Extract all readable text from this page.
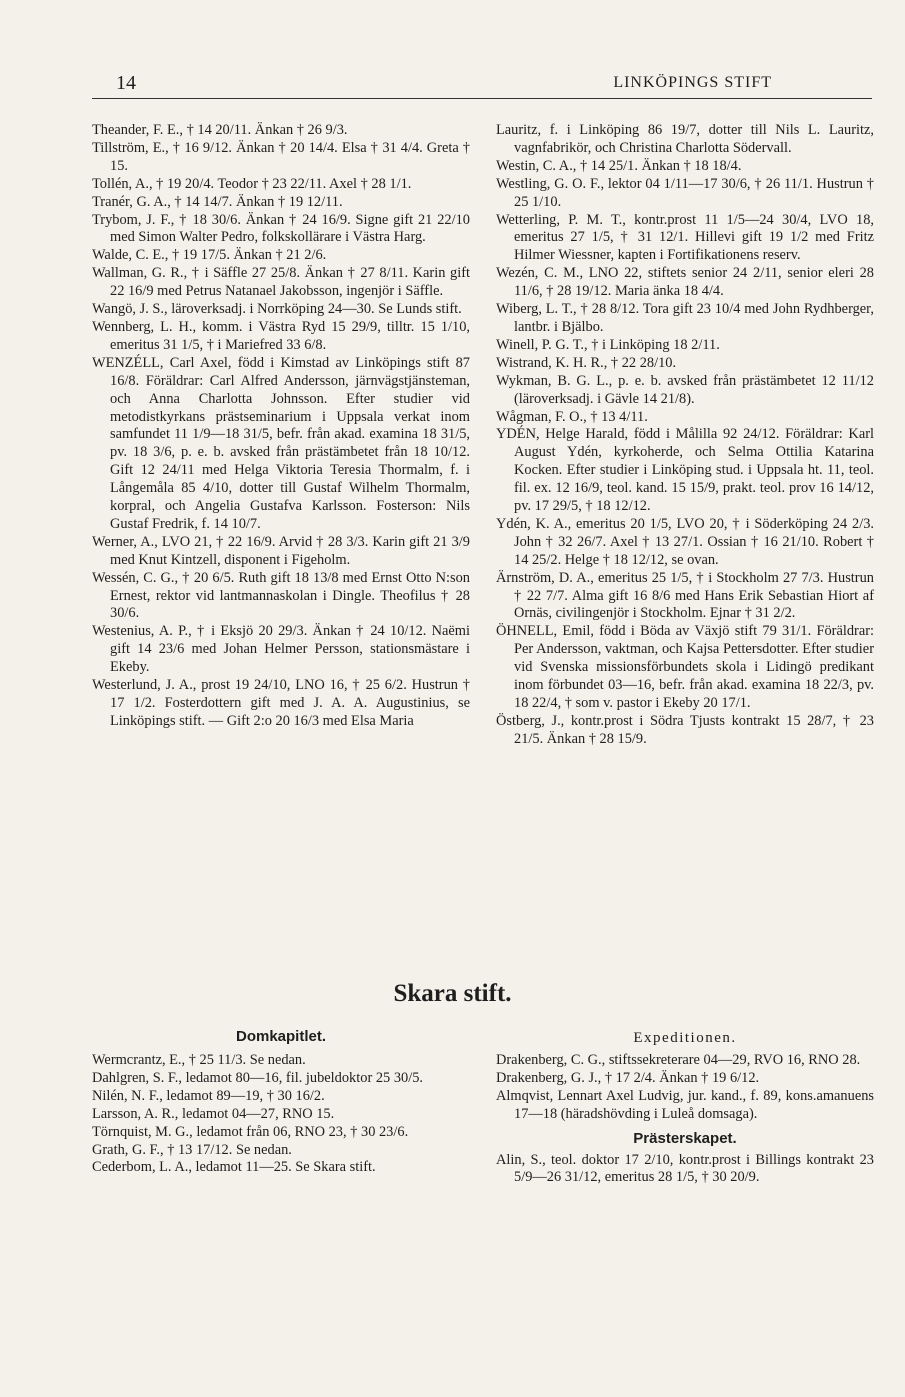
14	LINKÖPINGS STIFT

Theander, F. E., † 14 20/11. Änkan † 26 9/3.

Tillström, E., † 16 9/12. Änkan † 20 14/4. Elsa † 31 4/4. Greta † 15.

Tollén, A., † 19 20/4. Teodor † 23 22/11. Axel † 28 1/1.

Tranér, G. A., † 14 14/7. Änkan † 19 12/11.

Trybom, J. F., † 18 30/6. Änkan † 24 16/9. Signe gift 21 22/10 med Simon Walter Pedro, folkskollärare i Västra Harg.

Walde, C. E., † 19 17/5. Änkan † 21 2/6.

Wallman, G. R., † i Säffle 27 25/8. Änkan † 27 8/11. Karin gift 22 16/9 med Petrus Natanael Jakobsson, ingenjör i Säffle.

Wangö, J. S., läroverksadj. i Norrköping 24—30. Se Lunds stift.

Wennberg, L. H., komm. i Västra Ryd 15 29/9, tilltr. 15 1/10, emeritus 31 1/5, † i Mariefred 33 6/8.

WENZÉLL, Carl Axel, född i Kimstad av Linköpings stift 87 16/8. Föräldrar: Carl Alfred Andersson, järnvägstjänsteman, och Anna Charlotta Johnsson. Efter studier vid metodistkyrkans prästseminarium i Uppsala verkat inom samfundet 11 1/9—18 31/5, befr. från akad. examina 18 31/5, pv. 18 3/6, p. e. b. avsked från prästämbetet från 18 10/12. Gift 12 24/11 med Helga Viktoria Teresia Thormalm, f. i Långemåla 85 4/10, dotter till Gustaf Wilhelm Thormalm, korpral, och Angelia Gustafva Karlsson. Fosterson: Nils Gustaf Fredrik, f. 14 10/7.

Werner, A., LVO 21, † 22 16/9. Arvid † 28 3/3. Karin gift 21 3/9 med Knut Kintzell, disponent i Figeholm.

Wessén, C. G., † 20 6/5. Ruth gift 18 13/8 med Ernst Otto N:son Ernest, rektor vid lantmannaskolan i Dingle. Theofilus † 28 30/6.

Westenius, A. P., † i Eksjö 20 29/3. Änkan † 24 10/12. Naëmi gift 14 23/6 med Johan Helmer Persson, stationsmästare i Ekeby.

Westerlund, J. A., prost 19 24/10, LNO 16, † 25 6/2. Hustrun † 17 1/2. Fosterdottern gift med J. A. A. Augustinius, se Linköpings stift. — Gift 2:o 20 16/3 med Elsa Maria

Lauritz, f. i Linköping 86 19/7, dotter till Nils L. Lauritz, vagnfabrikör, och Christina Charlotta Södervall.

Westin, C. A., † 14 25/1. Änkan † 18 18/4.

Westling, G. O. F., lektor 04 1/11—17 30/6, † 26 11/1. Hustrun † 25 1/10.

Wetterling, P. M. T., kontr.prost 11 1/5—24 30/4, LVO 18, emeritus 27 1/5, † 31 12/1. Hillevi gift 19 1/2 med Fritz Hilmer Wiessner, kapten i Fortifikationens reserv.

Wezén, C. M., LNO 22, stiftets senior 24 2/11, senior eleri 28 11/6, † 28 19/12. Maria änka 18 4/4.

Wiberg, L. T., † 28 8/12. Tora gift 23 10/4 med John Rydhberger, lantbr. i Bjälbo.

Winell, P. G. T., † i Linköping 18 2/11.

Wistrand, K. H. R., † 22 28/10.

Wykman, B. G. L., p. e. b. avsked från prästämbetet 12 11/12 (läroverksadj. i Gävle 14 21/8).

Wågman, F. O., † 13 4/11.

YDÉN, Helge Harald, född i Målilla 92 24/12. Föräldrar: Karl August Ydén, kyrkoherde, och Selma Ottilia Katarina Kocken. Efter studier i Linköping stud. i Uppsala ht. 11, teol. fil. ex. 12 16/9, teol. kand. 15 15/9, prakt. teol. prov 16 14/12, pv. 17 29/5, † 18 12/12.

Ydén, K. A., emeritus 20 1/5, LVO 20, † i Söderköping 24 2/3. John † 32 26/7. Axel † 13 27/1. Ossian † 16 21/10. Robert † 14 25/2. Helge † 18 12/12, se ovan.

Ärnström, D. A., emeritus 25 1/5, † i Stockholm 27 7/3. Hustrun † 22 7/7. Alma gift 16 8/6 med Hans Erik Sebastian Hiort af Ornäs, civilingenjör i Stockholm. Ejnar † 31 2/2.

ÖHNELL, Emil, född i Böda av Växjö stift 79 31/1. Föräldrar: Per Andersson, vaktman, och Kajsa Pettersdotter. Efter studier vid Svenska missionsförbundets skola i Lidingö predikant inom förbundet 03—16, befr. från akad. examina 18 22/3, pv. 18 22/4, † som v. pastor i Ekeby 20 17/1.

Östberg, J., kontr.prost i Södra Tjusts kontrakt 15 28/7, † 23 21/5. Änkan † 28 15/9.

Skara stift.
Domkapitlet.	Expeditionen.

Wermcrantz, E., † 25 11/3. Se nedan.

Dahlgren, S. F., ledamot 80—16, fil. jubeldoktor 25 30/5.

Nilén, N. F., ledamot 89—19, † 30 16/2.

Larsson, A. R., ledamot 04—27, RNO 15.

Törnquist, M. G., ledamot från 06, RNO 23, † 30 23/6.

Grath, G. F., † 13 17/12. Se nedan.

Cederbom, L. A., ledamot 11—25. Se Skara stift.

Drakenberg, C. G., stiftssekreterare 04—29, RVO 16, RNO 28.

Drakenberg, G. J., † 17 2/4. Änkan † 19 6/12.

Almqvist, Lennart Axel Ludvig, jur. kand., f. 89, kons.amanuens 17—18 (häradshövding i Luleå domsaga).

Prästerskapet.

Alin, S., teol. doktor 17 2/10, kontr.prost i Billings kontrakt 23 5/9—26 31/12, emeritus 28 1/5, † 30 20/9.
